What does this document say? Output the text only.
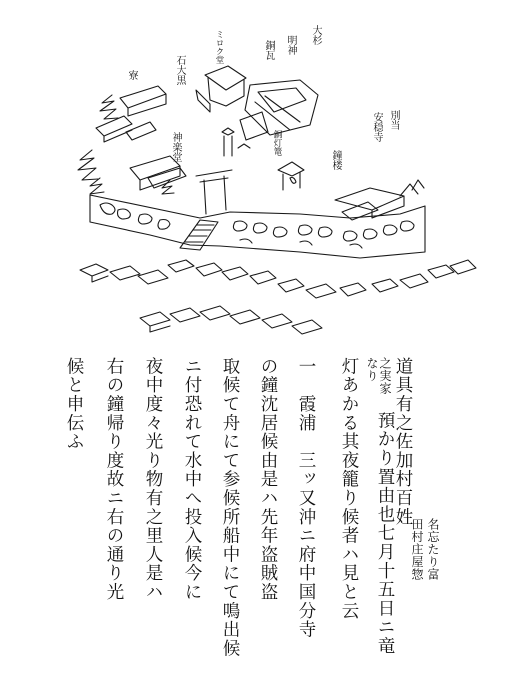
大杉
明神
銅瓦
ミロク堂
石大黒
寮
神楽堂	銅灯篭
鐘楼
別当
安穏寺
名忘たり富
田村庄屋惣
道具有之佐加村百姓
之実家
なり
預かり置由也七月十五日ニ竜
灯あかる其夜籠り候者ハ見と云
一　霞浦　三ッ又沖ニ府中国分寺
の鐘沈居候由是ハ先年盗賊盗
取候て舟にて参候所船中にて鳴出候
ニ付恐れて水中へ投入候今に
夜中度々光り物有之里人是ハ
右の鐘帰り度故ニ右の通り光
候と申伝ふ
